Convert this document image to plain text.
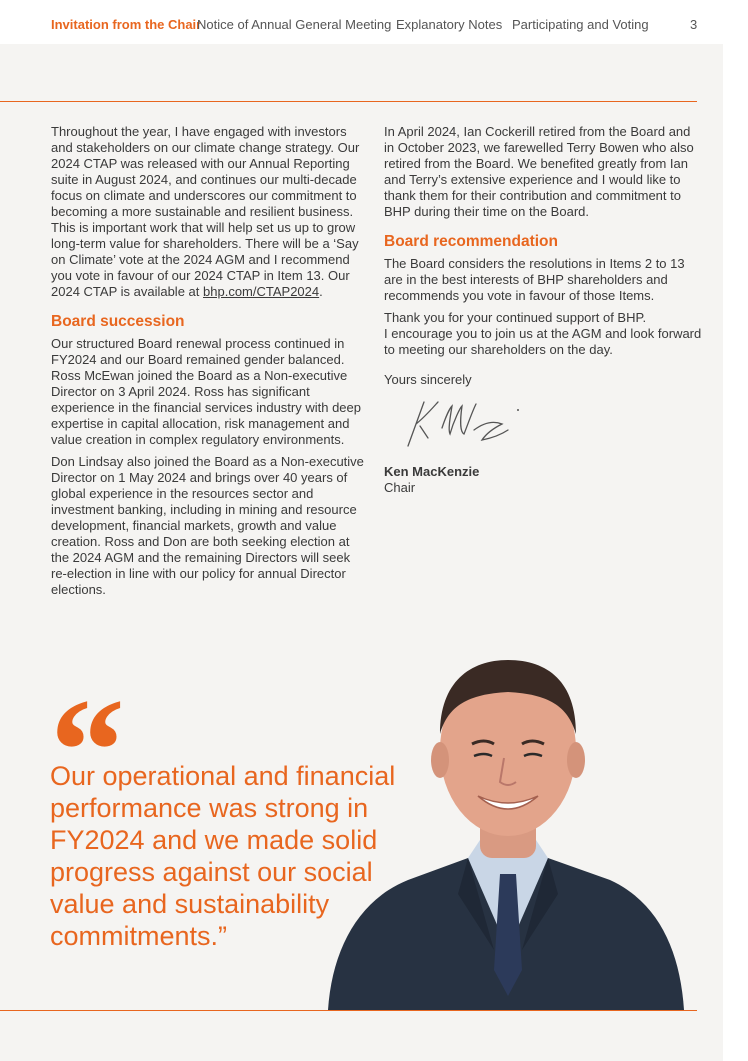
Invitation from the Chair
Notice of Annual General Meeting Explanatory Notes Participating and Voting	3

Throughout the year, I have engaged with investors and stakeholders on our climate change strategy. Our 2024 CTAP was released with our Annual Reporting suite in August 2024, and continues our multi-decade focus on climate and underscores our commitment to becoming a more sustainable and resilient business. This is important work that will help set us up to grow long-term value for shareholders. There will be a ‘Say on Climate’ vote at the 2024 AGM and I recommend you vote in favour of our 2024 CTAP in Item 13. Our 2024 CTAP is available at bhp.com/CTAP2024.

Board succession

Our structured Board renewal process continued in FY2024 and our Board remained gender balanced. Ross McEwan joined the Board as a Non-executive Director on 3 April 2024. Ross has significant experience in the financial services industry with deep expertise in capital allocation, risk management and value creation in complex regulatory environments.

Don Lindsay also joined the Board as a Non-executive Director on 1 May 2024 and brings over 40 years of global experience in the resources sector and investment banking, including in mining and resource development, financial markets, growth and value creation. Ross and Don are both seeking election at the 2024 AGM and the remaining Directors will seek re-election in line with our policy for annual Director elections.

In April 2024, Ian Cockerill retired from the Board and in October 2023, we farewelled Terry Bowen who also retired from the Board. We benefited greatly from Ian and Terry’s extensive experience and I would like to thank them for their contribution and commitment to BHP during their time on the Board.

Board recommendation

The Board considers the resolutions in Items 2 to 13 are in the best interests of BHP shareholders and recommends you vote in favour of those Items.

Thank you for your continued support of BHP.
I encourage you to join us at the AGM and look forward to meeting our shareholders on the day.

Yours sincerely

Ken MacKenzie
Chair
“
Our operational and financial performance was strong in FY2024 and we made solid progress against our social value and sustainability commitments.”
